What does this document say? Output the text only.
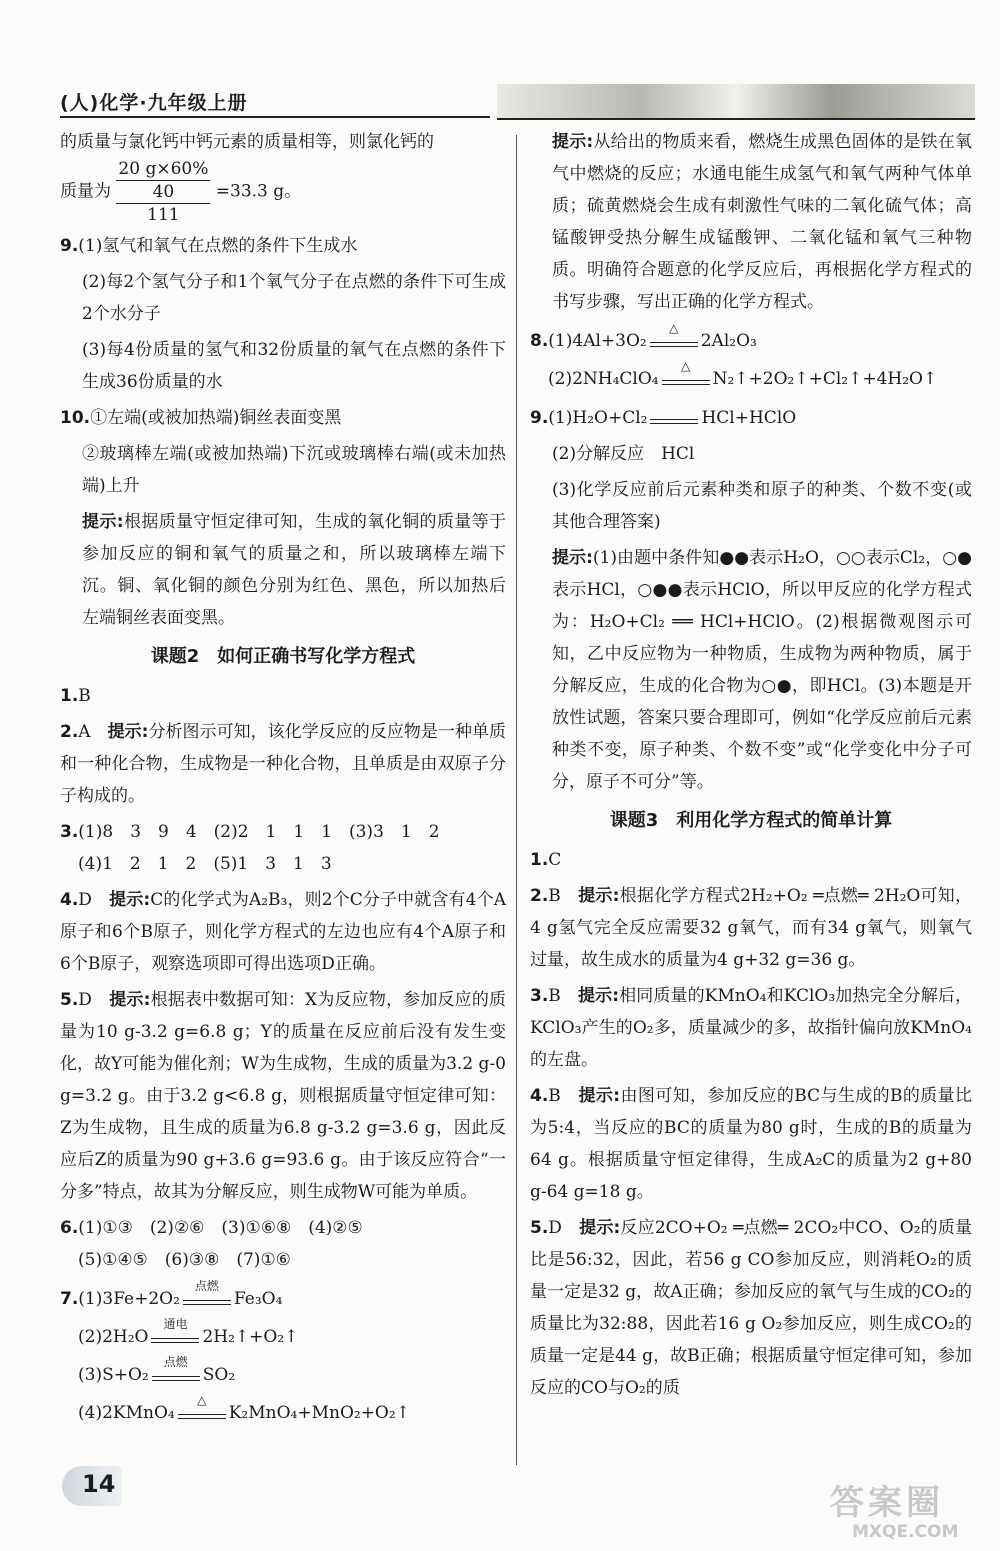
(人)化学·九年级上册
的质量与氯化钙中钙元素的质量相等，则氯化钙的
质量为
20 g×60%
40
111
=33.3 g。
9.(1)氢气和氧气在点燃的条件下生成水
(2)每2个氢气分子和1个氧气分子在点燃的条件下可生成2个水分子
(3)每4份质量的氢气和32份质量的氧气在点燃的条件下生成36份质量的水
10.①左端(或被加热端)铜丝表面变黑
②玻璃棒左端(或被加热端)下沉或玻璃棒右端(或未加热端)上升
提示:根据质量守恒定律可知，生成的氧化铜的质量等于参加反应的铜和氧气的质量之和，所以玻璃棒左端下沉。铜、氧化铜的颜色分别为红色、黑色，所以加热后左端铜丝表面变黑。
课题2　如何正确书写化学方程式
1.B
2.A　提示:分析图示可知，该化学反应的反应物是一种单质和一种化合物，生成物是一种化合物，且单质是由双原子分子构成的。
3.(1)8　3　9　4　(2)2　1　1　1　(3)3　1　2
(4)1　2　1　2　(5)1　3　1　3
4.D　提示:C的化学式为A₂B₃，则2个C分子中就含有4个A原子和6个B原子，则化学方程式的左边也应有4个A原子和6个B原子，观察选项即可得出选项D正确。
5.D　提示:根据表中数据可知：X为反应物，参加反应的质量为10 g-3.2 g=6.8 g；Y的质量在反应前后没有发生变化，故Y可能为催化剂；W为生成物，生成的质量为3.2 g-0 g=3.2 g。由于3.2 g<6.8 g，则根据质量守恒定律可知：Z为生成物，且生成的质量为6.8 g-3.2 g=3.6 g，因此反应后Z的质量为90 g+3.6 g=93.6 g。由于该反应符合“一分多”特点，故其为分解反应，则生成物W可能为单质。
6.(1)①③　(2)②⑥　(3)①⑥⑧　(4)②⑤
(5)①④⑤　(6)③⑧　(7)①⑥
7.(1)3Fe+2O₂
点燃
Fe₃O₄
(2)2H₂O
通电
2H₂↑+O₂↑
(3)S+O₂
点燃
SO₂
(4)2KMnO₄
△
K₂MnO₄+MnO₂+O₂↑
提示:从给出的物质来看，燃烧生成黑色固体的是铁在氧气中燃烧的反应；水通电能生成氢气和氧气两种气体单质；硫黄燃烧会生成有刺激性气味的二氧化硫气体；高锰酸钾受热分解生成锰酸钾、二氧化锰和氧气三种物质。明确符合题意的化学反应后，再根据化学方程式的书写步骤，写出正确的化学方程式。
8.(1)4Al+3O₂
△
2Al₂O₃
(2)2NH₄ClO₄
△
N₂↑+2O₂↑+Cl₂↑+4H₂O↑
9.(1)H₂O+Cl₂	HCl+HClO
(2)分解反应　HCl
(3)化学反应前后元素种类和原子的种类、个数不变(或其他合理答案)
提示:(1)由题中条件知●●表示H₂O，○○表示Cl₂，○●表示HCl，○●●表示HClO，所以甲反应的化学方程式为：H₂O+Cl₂ ══ HCl+HClO。(2)根据微观图示可知，乙中反应物为一种物质，生成物为两种物质，属于分解反应，生成的化合物为○●，即HCl。(3)本题是开放性试题，答案只要合理即可，例如“化学反应前后元素种类不变，原子种类、个数不变”或“化学变化中分子可分，原子不可分”等。
课题3　利用化学方程式的简单计算
1.C
2.B　提示:根据化学方程式2H₂+O₂ ═点燃═ 2H₂O可知，4 g氢气完全反应需要32 g氧气，而有34 g氧气，则氧气过量，故生成水的质量为4 g+32 g=36 g。
3.B　提示:相同质量的KMnO₄和KClO₃加热完全分解后，KClO₃产生的O₂多，质量减少的多，故指针偏向放KMnO₄的左盘。
4.B　提示:由图可知，参加反应的BC与生成的B的质量比为5:4，当反应的BC的质量为80 g时，生成的B的质量为64 g。根据质量守恒定律得，生成A₂C的质量为2 g+80 g-64 g=18 g。
5.D　提示:反应2CO+O₂ ═点燃═ 2CO₂中CO、O₂的质量比是56:32，因此，若56 g CO参加反应，则消耗O₂的质量一定是32 g，故A正确；参加反应的氧气与生成的CO₂的质量比为32:88，因此若16 g O₂参加反应，则生成CO₂的质量一定是44 g，故B正确；根据质量守恒定律可知，参加反应的CO与O₂的质
14	答案圈
MXQE.COM
